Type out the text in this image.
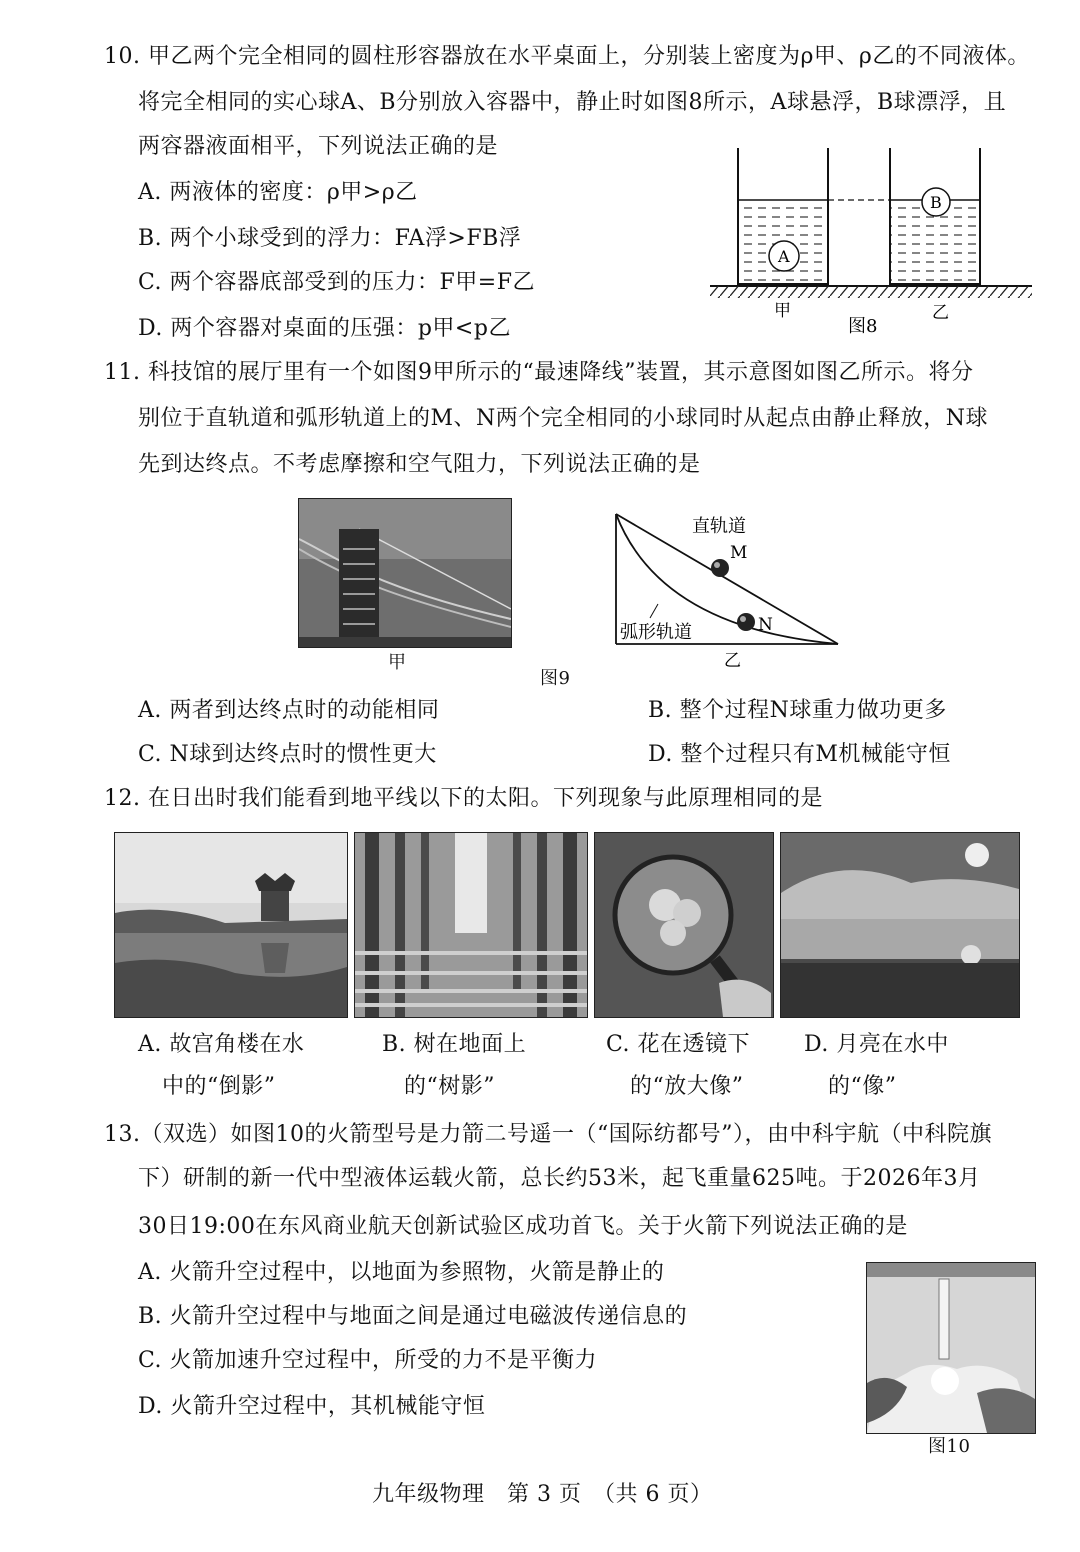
10. 甲乙两个完全相同的圆柱形容器放在水平桌面上，分别装上密度为ρ甲、ρ乙的不同液体。
将完全相同的实心球A、B分别放入容器中，静止时如图8所示，A球悬浮，B球漂浮，且
两容器液面相平，下列说法正确的是
A. 两液体的密度：ρ甲>ρ乙
B. 两个小球受到的浮力：FA浮>FB浮
C. 两个容器底部受到的压力：F甲=F乙
D. 两个容器对桌面的压强：p甲<p乙
A
B
甲
图8
乙
11. 科技馆的展厅里有一个如图9甲所示的“最速降线”装置，其示意图如图乙所示。将分
别位于直轨道和弧形轨道上的M、N两个完全相同的小球同时从起点由静止释放，N球
先到达终点。不考虑摩擦和空气阻力，下列说法正确的是
甲
直轨道
M
N
弧形轨道
乙
图9
A. 两者到达终点时的动能相同	B. 整个过程N球重力做功更多
C. N球到达终点时的惯性更大	D. 整个过程只有M机械能守恒
12. 在日出时我们能看到地平线以下的太阳。下列现象与此原理相同的是
A. 故宫角楼在水
中的“倒影”
B. 树在地面上
的“树影”
C. 花在透镜下
的“放大像”
D. 月亮在水中
的“像”
13.（双选）如图10的火箭型号是力箭二号遥一（“国际纺都号”），由中科宇航（中科院旗
下）研制的新一代中型液体运载火箭，总长约53米，起飞重量625吨。于2026年3月
30日19:00在东风商业航天创新试验区成功首飞。关于火箭下列说法正确的是
A. 火箭升空过程中，以地面为参照物，火箭是静止的
B. 火箭升空过程中与地面之间是通过电磁波传递信息的
C. 火箭加速升空过程中，所受的力不是平衡力
D. 火箭升空过程中，其机械能守恒
图10
九年级物理　第 3 页　（共 6 页）
